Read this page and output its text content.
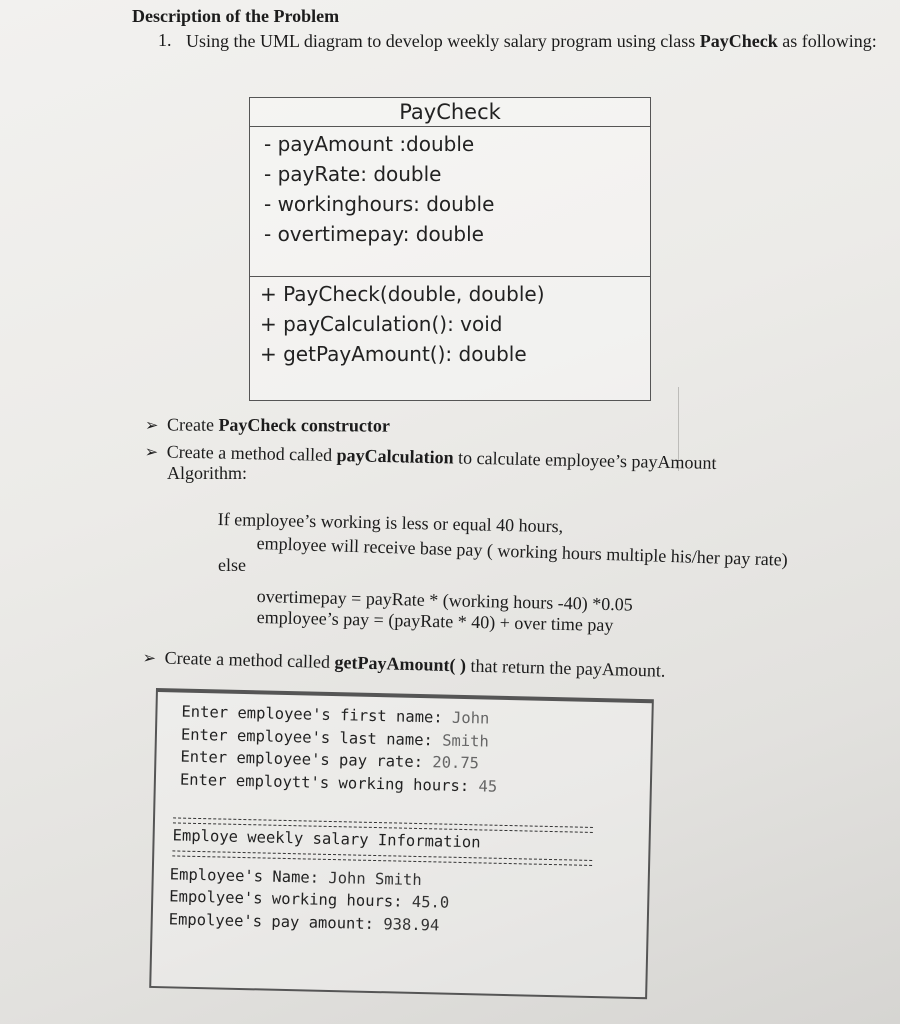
Description of the Problem
1. Using the UML diagram to develop weekly salary program using class PayCheck as following:
PayCheck
- payAmount :double
- payRate: double
- workinghours: double
- overtimepay: double
+ PayCheck(double, double)
+ payCalculation(): void
+ getPayAmount(): double
➢ Create PayCheck constructor
➢ Create a method called payCalculation to calculate employee’s payAmount
Algorithm:
If employee’s working is less or equal 40 hours,
employee will receive base pay ( working hours multiple his/her pay rate)
else
overtimepay = payRate * (working hours -40) *0.05
employee’s pay = (payRate * 40) + over time pay
➢ Create a method called getPayAmount( ) that return the payAmount.
Enter employee's first name: John
Enter employee's last name: Smith
Enter employee's pay rate: 20.75
Enter employtt's working hours: 45
Employe weekly salary Information
Employee's Name: John Smith
Empolyee's working hours: 45.0
Empolyee's pay amount: 938.94
